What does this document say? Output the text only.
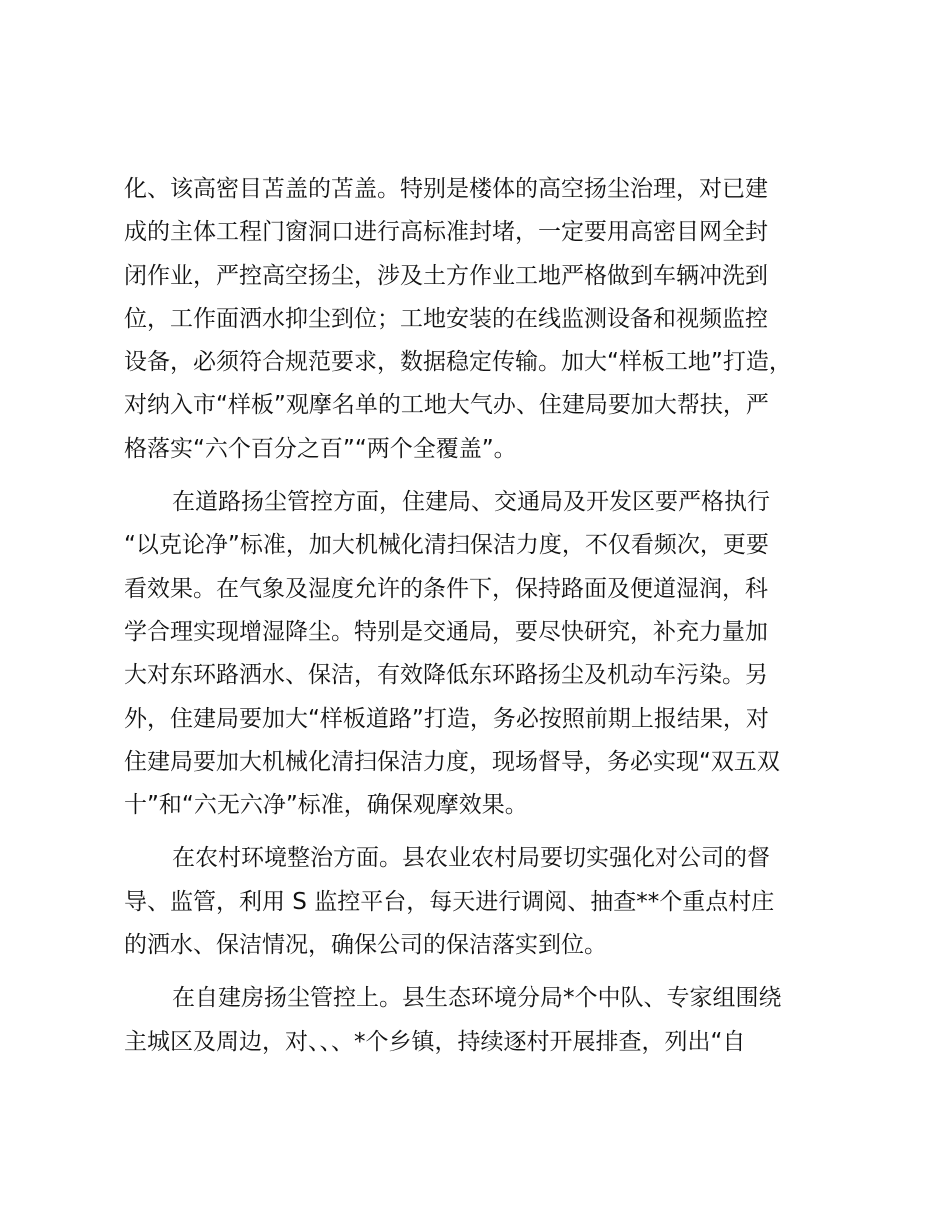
化、该高密目苫盖的苫盖。特别是楼体的高空扬尘治理，对已建
成的主体工程门窗洞口进行高标准封堵，一定要用高密目网全封
闭作业，严控高空扬尘，涉及土方作业工地严格做到车辆冲洗到
位，工作面洒水抑尘到位；工地安装的在线监测设备和视频监控
设备，必须符合规范要求，数据稳定传输。加大“样板工地”打造，
对纳入市“样板”观摩名单的工地大气办、住建局要加大帮扶，严
格落实“六个百分之百”“两个全覆盖”。
在道路扬尘管控方面，住建局、交通局及开发区要严格执行
“以克论净”标准，加大机械化清扫保洁力度，不仅看频次，更要
看效果。在气象及湿度允许的条件下，保持路面及便道湿润，科
学合理实现增湿降尘。特别是交通局，要尽快研究，补充力量加
大对东环路洒水、保洁，有效降低东环路扬尘及机动车污染。另
外，住建局要加大“样板道路”打造，务必按照前期上报结果，对
住建局要加大机械化清扫保洁力度，现场督导，务必实现“双五双
十”和“六无六净”标准，确保观摩效果。
在农村环境整治方面。县农业农村局要切实强化对公司的督
导、监管，利用 S 监控平台，每天进行调阅、抽查**个重点村庄
的洒水、保洁情况，确保公司的保洁落实到位。
在自建房扬尘管控上。县生态环境分局*个中队、专家组围绕
主城区及周边，对、、、*个乡镇，持续逐村开展排查，列出“自
